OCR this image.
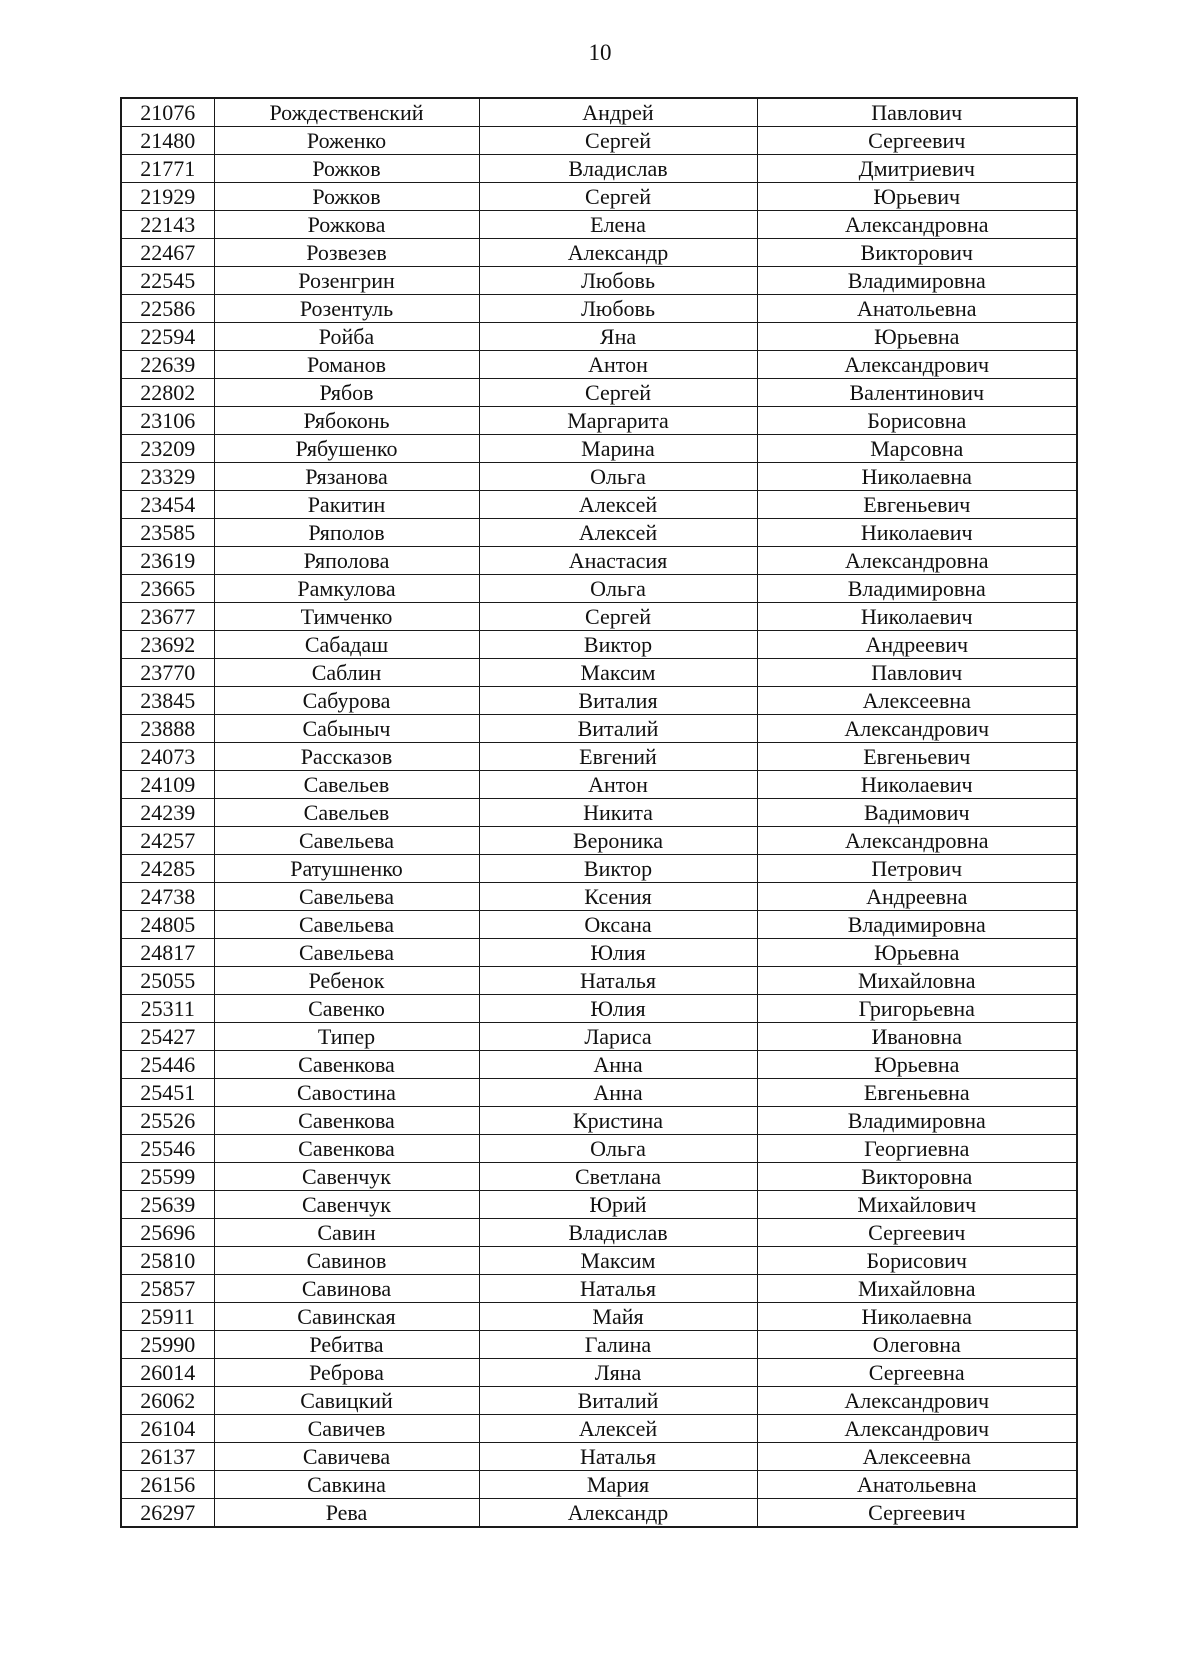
10
21076	Рождественский	Андрей	Павлович
21480	Роженко	Сергей	Сергеевич
21771	Рожков	Владислав	Дмитриевич
21929	Рожков	Сергей	Юрьевич
22143	Рожкова	Елена	Александровна
22467	Розвезев	Александр	Викторович
22545	Розенгрин	Любовь	Владимировна
22586	Розентуль	Любовь	Анатольевна
22594	Ройба	Яна	Юрьевна
22639	Романов	Антон	Александрович
22802	Рябов	Сергей	Валентинович
23106	Рябоконь	Маргарита	Борисовна
23209	Рябушенко	Марина	Марсовна
23329	Рязанова	Ольга	Николаевна
23454	Ракитин	Алексей	Евгеньевич
23585	Ряполов	Алексей	Николаевич
23619	Ряполова	Анастасия	Александровна
23665	Рамкулова	Ольга	Владимировна
23677	Тимченко	Сергей	Николаевич
23692	Сабадаш	Виктор	Андреевич
23770	Саблин	Максим	Павлович
23845	Сабурова	Виталия	Алексеевна
23888	Сабыныч	Виталий	Александрович
24073	Рассказов	Евгений	Евгеньевич
24109	Савельев	Антон	Николаевич
24239	Савельев	Никита	Вадимович
24257	Савельева	Вероника	Александровна
24285	Ратушненко	Виктор	Петрович
24738	Савельева	Ксения	Андреевна
24805	Савельева	Оксана	Владимировна
24817	Савельева	Юлия	Юрьевна
25055	Ребенок	Наталья	Михайловна
25311	Савенко	Юлия	Григорьевна
25427	Типер	Лариса	Ивановна
25446	Савенкова	Анна	Юрьевна
25451	Савостина	Анна	Евгеньевна
25526	Савенкова	Кристина	Владимировна
25546	Савенкова	Ольга	Георгиевна
25599	Савенчук	Светлана	Викторовна
25639	Савенчук	Юрий	Михайлович
25696	Савин	Владислав	Сергеевич
25810	Савинов	Максим	Борисович
25857	Савинова	Наталья	Михайловна
25911	Савинская	Майя	Николаевна
25990	Ребитва	Галина	Олеговна
26014	Реброва	Ляна	Сергеевна
26062	Савицкий	Виталий	Александрович
26104	Савичев	Алексей	Александрович
26137	Савичева	Наталья	Алексеевна
26156	Савкина	Мария	Анатольевна
26297	Рева	Александр	Сергеевич
